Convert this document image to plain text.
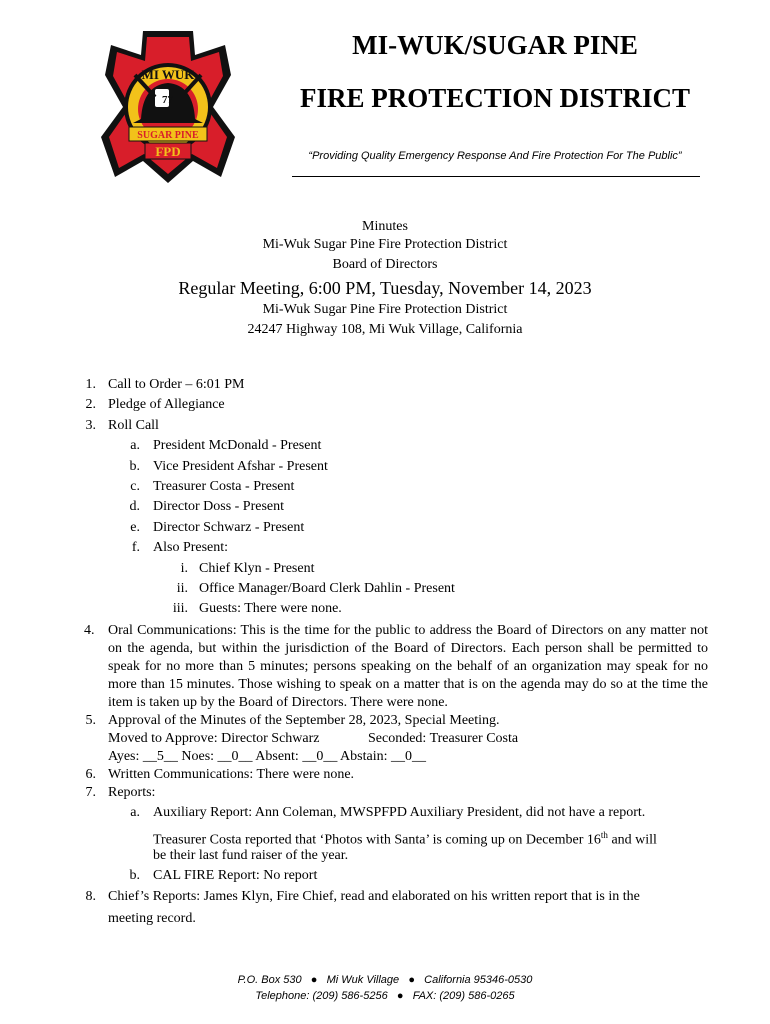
77
MI WUK
SUGAR PINE
FPD
MI-WUK/SUGAR PINE
FIRE PROTECTION DISTRICT
“Providing Quality Emergency Response And Fire Protection For The Public”
Minutes
Mi-Wuk Sugar Pine Fire Protection District
Board of Directors
Regular Meeting, 6:00 PM, Tuesday, November 14, 2023
Mi-Wuk Sugar Pine Fire Protection District
24247 Highway 108, Mi Wuk Village, California
1. Call to Order – 6:01 PM
2. Pledge of Allegiance
3. Roll Call
a. President McDonald - Present
b. Vice President Afshar - Present
c. Treasurer Costa - Present
d. Director Doss - Present
e. Director Schwarz - Present
f. Also Present:
i. Chief Klyn - Present
ii. Office Manager/Board Clerk Dahlin - Present
iii. Guests: There were none.
4. Oral Communications: This is the time for the public to address the Board of Directors on any matter not on the agenda, but within the jurisdiction of the Board of Directors. Each person shall be permitted to speak for no more than 5 minutes; persons speaking on the behalf of an organization may speak for no more than 15 minutes. Those wishing to speak on a matter that is on the agenda may do so at the time the item is taken up by the Board of Directors. There were none.
5. Approval of the Minutes of the September 28, 2023, Special Meeting.
Moved to Approve: Director Schwarz	Seconded: Treasurer Costa
Ayes: __5__ Noes: __0__ Absent: __0__ Abstain: __0__
6. Written Communications: There were none.
7. Reports:
a. Auxiliary Report: Ann Coleman, MWSPFPD Auxiliary President, did not have a report.
Treasurer Costa reported that ‘Photos with Santa’ is coming up on December 16th and will
be their last fund raiser of the year.
b. CAL FIRE Report: No report
8. Chief’s Reports: James Klyn, Fire Chief, read and elaborated on his written report that is in the
meeting record.
P.O. Box 530 ● Mi Wuk Village ● California 95346-0530
Telephone: (209) 586-5256 ● FAX: (209) 586-0265
